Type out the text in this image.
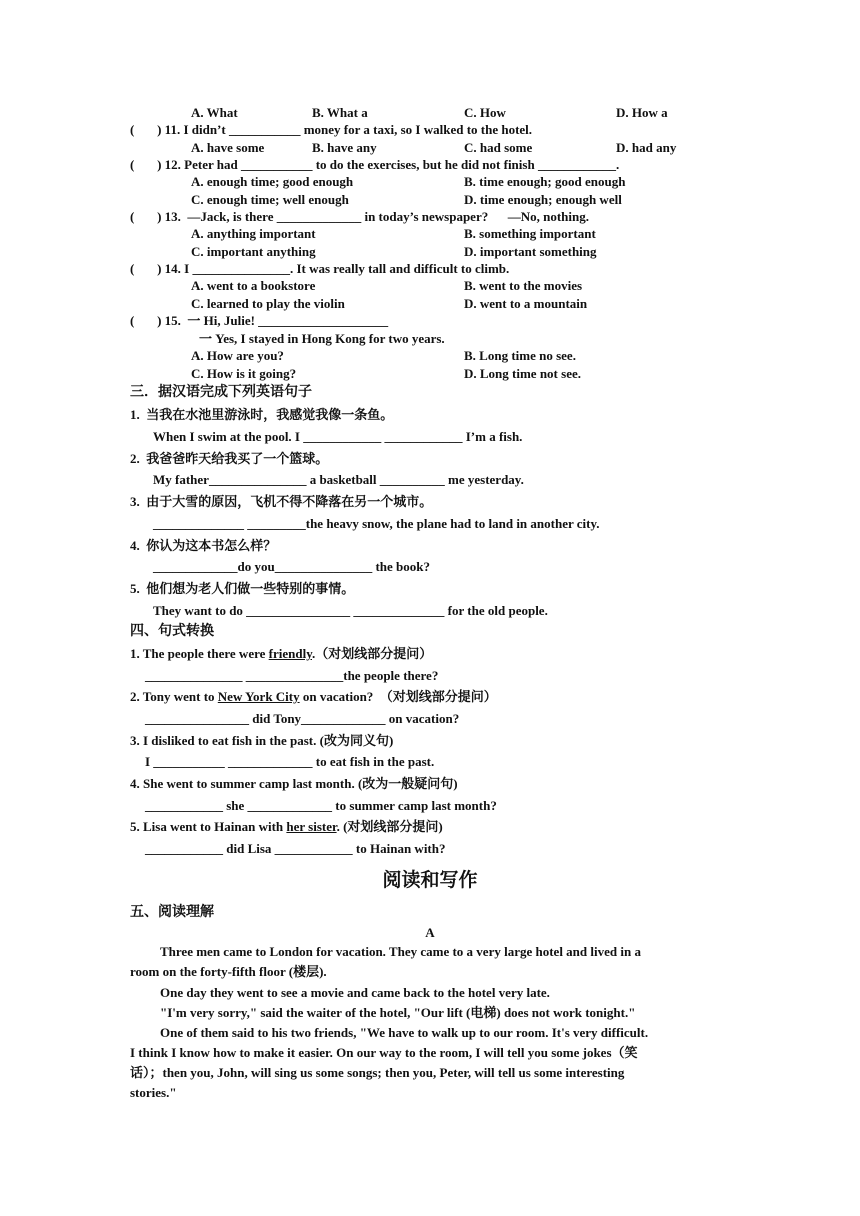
A. What	B. What a	C. How	D. How a
(       ) 11. I didn’t ___________ money for a taxi, so I walked to the hotel.
A. have some	B. have any	C. had some	D. had any
(       ) 12. Peter had ___________ to do the exercises, but he did not finish ____________.
A. enough time; good enough	B. time enough; good enough
C. enough time; well enough	D. time enough; enough well
(       ) 13.  —Jack, is there _____________ in today’s newspaper?      —No, nothing.
A. anything important	B. something important
C. important anything	D. important something
(       ) 14. I _______________. It was really tall and difficult to climb.
A. went to a bookstore	B. went to the movies
C. learned to play the violin	D. went to a mountain
(       ) 15.  一 Hi, Julie! ____________________
一 Yes, I stayed in Hong Kong for two years.
A. How are you?	B. Long time no see.
C. How is it going?	D. Long time not see.
三．据汉语完成下列英语句子
1.  当我在水池里游泳时，我感觉我像一条鱼。
When I swim at the pool. I ____________ ____________ I’m a fish.
2.  我爸爸昨天给我买了一个篮球。
My father_______________ a basketball __________ me yesterday.
3.  由于大雪的原因，飞机不得不降落在另一个城市。
______________ _________the heavy snow, the plane had to land in another city.
4.  你认为这本书怎么样？
_____________do you_______________ the book?
5.  他们想为老人们做一些特别的事情。
They want to do ________________ ______________ for the old people.
四、句式转换
1. The people there were friendly.（对划线部分提问）
_______________ _______________the people there?
2. Tony went to New York City on vacation?  （对划线部分提问）
________________ did Tony_____________ on vacation?
3. I disliked to eat fish in the past. (改为同义句)
I ___________ _____________ to eat fish in the past.
4. She went to summer camp last month. (改为一般疑问句)
____________ she _____________ to summer camp last month?
5. Lisa went to Hainan with her sister. (对划线部分提问)
____________ did Lisa ____________ to Hainan with?
阅读和写作
五、阅读理解
A
Three men came to London for vacation. They came to a very large hotel and lived in a
room on the forty-fifth floor (楼层).
One day they went to see a movie and came back to the hotel very late.
"I'm very sorry," said the waiter of the hotel, "Our lift (电梯) does not work tonight."
One of them said to his two friends, "We have to walk up to our room. It's very difficult.
I think I know how to make it easier. On our way to the room, I will tell you some jokes（笑
话）；then you, John, will sing us some songs; then you, Peter, will tell us some interesting
stories."
